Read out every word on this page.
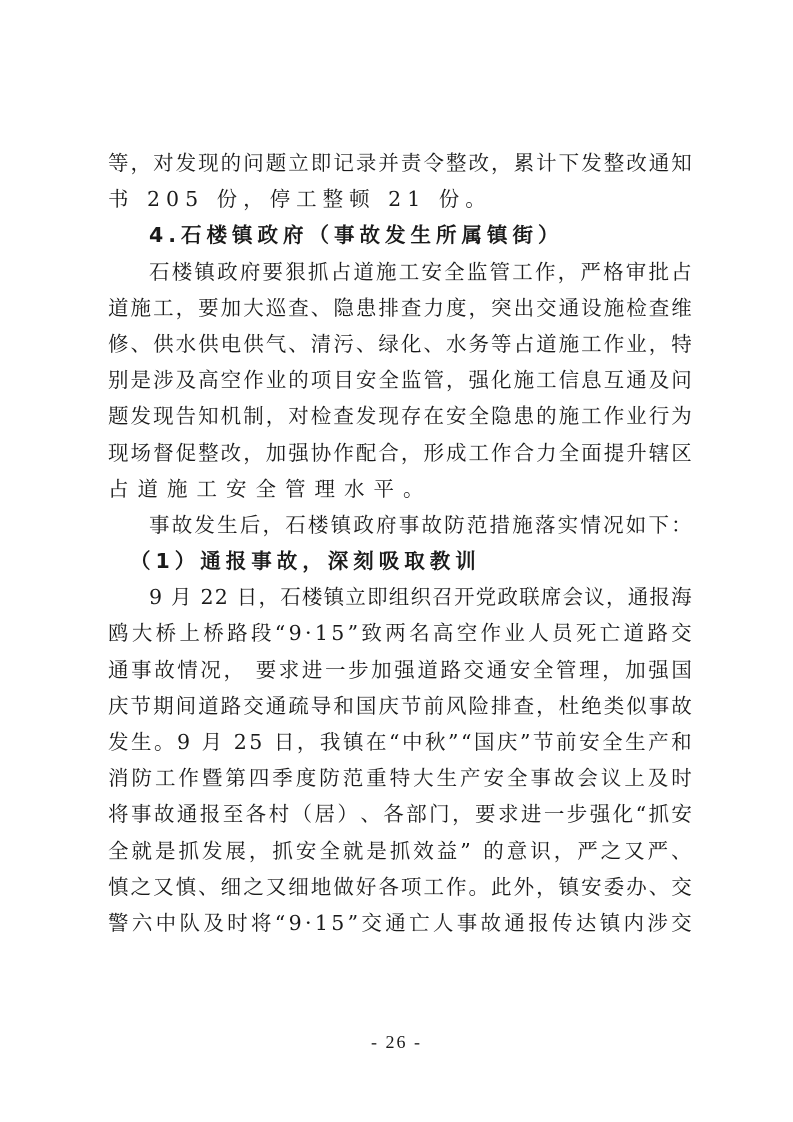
等 ， 对 发 现 的 问 题 立 即 记 录 并 责 令 整 改 ， 累 计 下 发 整 改 通 知
书 205 份，停工整顿 21 份。
4.石楼镇政府（事故发生所属镇街）
石 楼 镇 政 府 要 狠 抓 占 道 施 工 安 全 监 管 工 作 ， 严 格 审 批 占
道 施 工 ， 要 加 大 巡 查 、 隐 患 排 查 力 度 ， 突 出 交 通 设 施 检 查 维
修 、 供 水 供 电 供 气 、 清 污 、 绿 化 、 水 务 等 占 道 施 工 作 业 ， 特
别 是 涉 及 高 空 作 业 的 项 目 安 全 监 管 ， 强 化 施 工 信 息 互 通 及 问
题 发 现 告 知 机 制 ， 对 检 查 发 现 存 在 安 全 隐 患 的 施 工 作 业 行 为
现 场 督 促 整 改 ， 加 强 协 作 配 合 ， 形 成 工 作 合 力 全 面 提 升 辖 区
占道施工安全管理水平。
事 故 发 生 后 ， 石 楼 镇 政 府 事 故 防 范 措 施 落 实 情 况 如 下 ：
（1）通报事故，深刻吸取教训
9
月
2 2
日 ， 石 楼 镇 立 即 组 织 召 开 党 政 联 席 会 议 ， 通 报 海
鸥 大 桥 上 桥 路 段 “ 9 · 1 5 ” 致 两 名 高 空 作 业 人 员 死 亡 道 路 交
通 事 故 情 况 ，
要 求 进 一 步 加 强 道 路 交 通 安 全 管 理 ， 加 强 国
庆 节 期 间 道 路 交 通 疏 导 和 国 庆 节 前 风 险 排 查 ， 杜 绝 类 似 事 故
发 生 。 9
月
2 5
日 ， 我 镇 在 “ 中 秋 ” “ 国 庆 ” 节 前 安 全 生 产 和
消 防 工 作 暨 第 四 季 度 防 范 重 特 大 生 产 安 全 事 故 会 议 上 及 时
将 事 故 通 报 至 各 村 （ 居 ） 、 各 部 门 ， 要 求 进 一 步 强 化 “ 抓 安
全 就 是 抓 发 展 ， 抓 安 全 就 是 抓 效 益 ”
的 意 识 ， 严 之 又 严 、
慎 之 又 慎 、 细 之 又 细 地 做 好 各 项 工 作 。 此 外 ， 镇 安 委 办 、 交
警 六 中 队 及 时 将 “ 9 · 1 5 ” 交 通 亡 人 事 故 通 报 传 达 镇 内 涉 交
- 26 -
